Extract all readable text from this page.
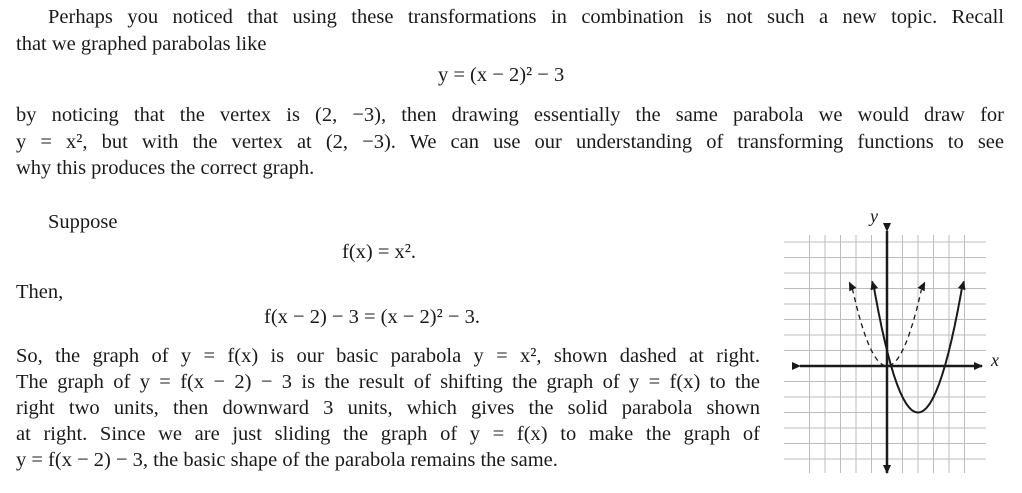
Perhaps you noticed that using these transformations in combination is not such a new topic. Recall
that we graphed parabolas like
y = (x − 2)² − 3
by noticing that the vertex is (2, −3), then drawing essentially the same parabola we would draw for
y = x², but with the vertex at (2, −3). We can use our understanding of transforming functions to see
why this produces the correct graph.
Suppose
f(x) = x².
Then,
f(x − 2) − 3 = (x − 2)² − 3.
So, the graph of y = f(x) is our basic parabola y = x², shown dashed at right.
The graph of y = f(x − 2) − 3 is the result of shifting the graph of y = f(x) to the
right two units, then downward 3 units, which gives the solid parabola shown
at right. Since we are just sliding the graph of y = f(x) to make the graph of
y = f(x − 2) − 3, the basic shape of the parabola remains the same.
x
y
